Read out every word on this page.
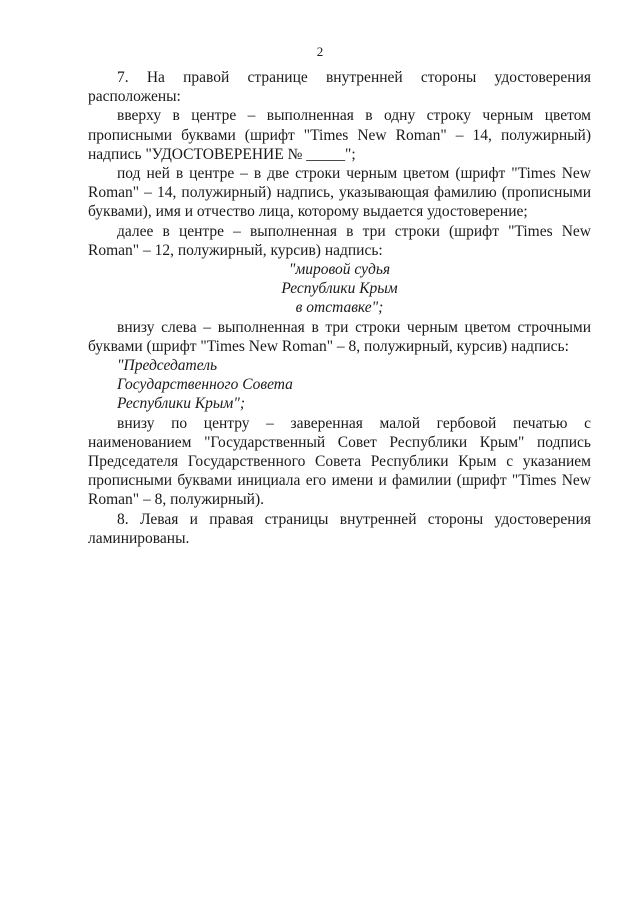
2

7. На правой странице внутренней стороны удостоверения расположены:

вверху в центре – выполненная в одну строку черным цветом прописными буквами (шрифт "Times New Roman" – 14, полужирный) надпись "УДОСТОВЕРЕНИЕ № _____";

под ней в центре – в две строки черным цветом (шрифт "Times New Roman" – 14, полужирный) надпись, указывающая фамилию (прописными буквами), имя и отчество лица, которому выдается удостоверение;

далее в центре – выполненная в три строки (шрифт "Times New Roman" – 12, полужирный, курсив) надпись:

"мировой судья
Республики Крым
в отставке";

внизу слева – выполненная в три строки черным цветом строчными буквами (шрифт "Times New Roman" – 8, полужирный, курсив) надпись:

"Председатель
Государственного Совета
Республики Крым";

внизу по центру – заверенная малой гербовой печатью с наименованием "Государственный Совет Республики Крым" подпись Председателя Государственного Совета Республики Крым с указанием прописными буквами инициала его имени и фамилии (шрифт "Times New Roman" – 8, полужирный).

8. Левая и правая страницы внутренней стороны удостоверения ламинированы.
